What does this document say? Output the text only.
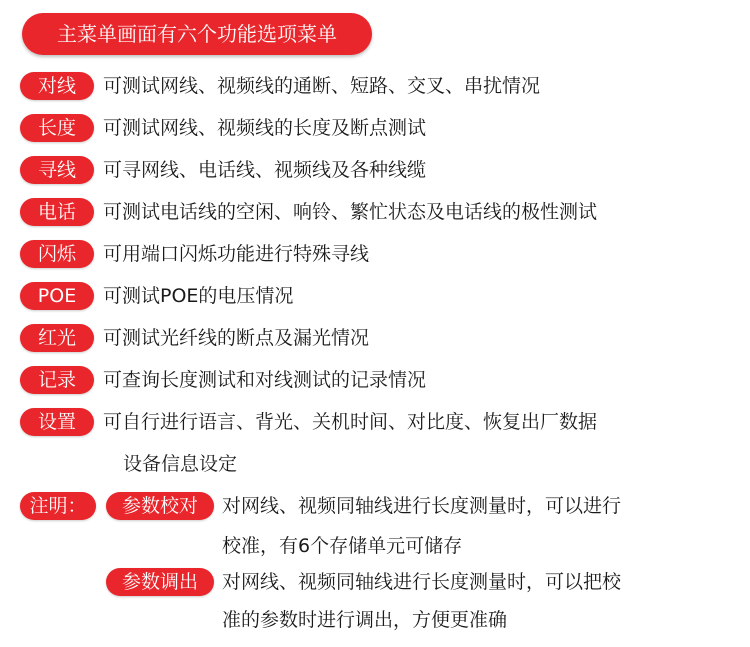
主菜单画面有六个功能选项菜单
对线	可测试网线、视频线的通断、短路、交叉、串扰情况
长度	可测试网线、视频线的长度及断点测试
寻线	可寻网线、电话线、视频线及各种线缆
电话	可测试电话线的空闲、响铃、繁忙状态及电话线的极性测试
闪烁	可用端口闪烁功能进行特殊寻线
POE	可测试POE的电压情况
红光	可测试光纤线的断点及漏光情况
记录	可查询长度测试和对线测试的记录情况
设置	可自行进行语言、背光、关机时间、对比度、恢复出厂数据
设备信息设定
注明：	参数校对	对网线、视频同轴线进行长度测量时，可以进行
校准，有6个存储单元可储存
参数调出	对网线、视频同轴线进行长度测量时，可以把校
准的参数时进行调出，方便更准确
